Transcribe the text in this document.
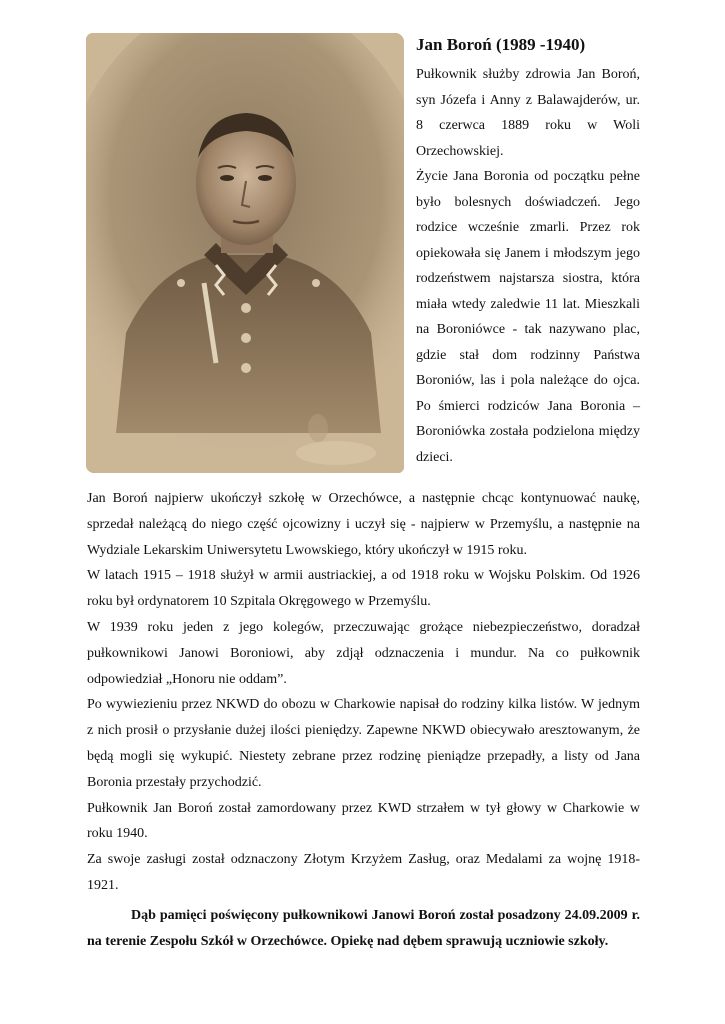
Jan Boroń (1989 -1940)

Pułkownik służby zdrowia Jan Boroń, syn Józefa i Anny z Balawajderów, ur. 8 czerwca 1889 roku w Woli Orzechowskiej.

Życie Jana Boronia od początku pełne było bolesnych doświadczeń. Jego rodzice wcześnie zmarli. Przez rok opiekowała się Janem i młodszym jego rodzeństwem najstarsza siostra, która miała wtedy zaledwie 11 lat. Mieszkali na Boroniówce - tak nazywano plac, gdzie stał dom rodzinny Państwa Boroniów, las i pola należące do ojca. Po śmierci rodziców Jana Boronia – Boroniówka została podzielona między dzieci.

Jan Boroń najpierw ukończył szkołę w Orzechówce, a następnie chcąc kontynuować naukę, sprzedał należącą do niego część ojcowizny i uczył się - najpierw w Przemyślu, a następnie na Wydziale Lekarskim Uniwersytetu Lwowskiego, który ukończył w 1915 roku.

W latach 1915 – 1918 służył w armii austriackiej, a od 1918 roku w Wojsku Polskim. Od 1926 roku był ordynatorem 10 Szpitala Okręgowego w Przemyślu.

W 1939 roku jeden z jego kolegów, przeczuwając grożące niebezpieczeństwo, doradzał pułkownikowi Janowi Boroniowi, aby zdjął odznaczenia i mundur. Na co pułkownik odpowiedział „Honoru nie oddam”.

Po wywiezieniu przez NKWD do obozu w Charkowie napisał do rodziny kilka listów. W jednym z nich prosił o przysłanie dużej ilości pieniędzy. Zapewne NKWD obiecywało aresztowanym, że będą mogli się wykupić. Niestety zebrane przez rodzinę pieniądze przepadły, a listy od Jana Boronia przestały przychodzić.

Pułkownik Jan Boroń został zamordowany przez KWD strzałem w tył głowy w Charkowie w roku 1940.

Za swoje zasługi został odznaczony Złotym Krzyżem Zasług, oraz Medalami za wojnę 1918-1921.

Dąb pamięci poświęcony pułkownikowi Janowi Boroń został posadzony 24.09.2009 r. na terenie Zespołu Szkół w Orzechówce. Opiekę nad dębem sprawują uczniowie szkoły.
